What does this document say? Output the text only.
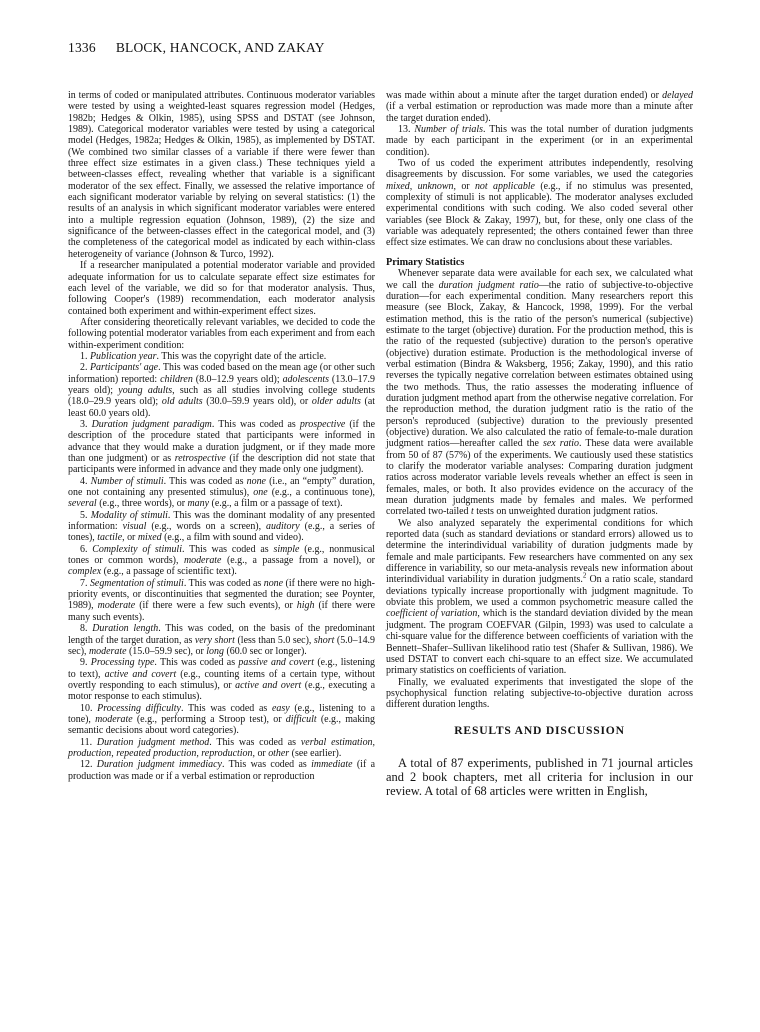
1336 BLOCK, HANCOCK, AND ZAKAY

in terms of coded or manipulated attributes. Continuous moderator variables were tested by using a weighted-least squares regression model (Hedges, 1982b; Hedges & Olkin, 1985), using SPSS and DSTAT (see Johnson, 1989). Categorical moderator variables were tested by using a categorical model (Hedges, 1982a; Hedges & Olkin, 1985), as implemented by DSTAT. (We combined two similar classes of a variable if there were fewer than three effect size estimates in a given class.) These techniques yield a between-classes effect, revealing whether that variable is a significant moderator of the sex effect. Finally, we assessed the relative importance of each significant moderator variable by relying on several statistics: (1) the results of an analysis in which significant moderator variables were entered into a multiple regression equation (Johnson, 1989), (2) the size and significance of the between-classes effect in the categorical model, and (3) the completeness of the categorical model as indicated by each within-class heterogeneity of variance (Johnson & Turco, 1992).

If a researcher manipulated a potential moderator variable and provided adequate information for us to calculate separate effect size estimates for each level of the variable, we did so for that moderator analysis. Thus, following Cooper's (1989) recommendation, each moderator analysis contained both experiment and within-experiment effect sizes.

After considering theoretically relevant variables, we decided to code the following potential moderator variables from each experiment and from each within-experiment condition:

1. Publication year. This was the copyright date of the article.

2. Participants' age. This was coded based on the mean age (or other such information) reported: children (8.0–12.9 years old); adolescents (13.0–17.9 years old); young adults, such as all studies involving college students (18.0–29.9 years old); old adults (30.0–59.9 years old), or older adults (at least 60.0 years old).

3. Duration judgment paradigm. This was coded as prospective (if the description of the procedure stated that participants were informed in advance that they would make a duration judgment, or if they made more than one judgment) or as retrospective (if the description did not state that participants were informed in advance and they made only one judgment).

4. Number of stimuli. This was coded as none (i.e., an “empty” duration, one not containing any presented stimulus), one (e.g., a continuous tone), several (e.g., three words), or many (e.g., a film or a passage of text).

5. Modality of stimuli. This was the dominant modality of any presented information: visual (e.g., words on a screen), auditory (e.g., a series of tones), tactile, or mixed (e.g., a film with sound and video).

6. Complexity of stimuli. This was coded as simple (e.g., nonmusical tones or common words), moderate (e.g., a passage from a novel), or complex (e.g., a passage of scientific text).

7. Segmentation of stimuli. This was coded as none (if there were no high-priority events, or discontinuities that segmented the duration; see Poynter, 1989), moderate (if there were a few such events), or high (if there were many such events).

8. Duration length. This was coded, on the basis of the predominant length of the target duration, as very short (less than 5.0 sec), short (5.0–14.9 sec), moderate (15.0–59.9 sec), or long (60.0 sec or longer).

9. Processing type. This was coded as passive and covert (e.g., listening to text), active and covert (e.g., counting items of a certain type, without overtly responding to each stimulus), or active and overt (e.g., executing a motor response to each stimulus).

10. Processing difficulty. This was coded as easy (e.g., listening to a tone), moderate (e.g., performing a Stroop test), or difficult (e.g., making semantic decisions about word categories).

11. Duration judgment method. This was coded as verbal estimation, production, repeated production, reproduction, or other (see earlier).

12. Duration judgment immediacy. This was coded as immediate (if a production was made or if a verbal estimation or reproduction

was made within about a minute after the target duration ended) or delayed (if a verbal estimation or reproduction was made more than a minute after the target duration ended).

13. Number of trials. This was the total number of duration judgments made by each participant in the experiment (or in an experimental condition).

Two of us coded the experiment attributes independently, resolving disagreements by discussion. For some variables, we used the categories mixed, unknown, or not applicable (e.g., if no stimulus was presented, complexity of stimuli is not applicable). The moderator analyses excluded experimental conditions with such coding. We also coded several other variables (see Block & Zakay, 1997), but, for these, only one class of the variable was adequately represented; the others contained fewer than three effect size estimates. We can draw no conclusions about these variables.

Primary Statistics

Whenever separate data were available for each sex, we calculated what we call the duration judgment ratio—the ratio of subjective-to-objective duration—for each experimental condition. Many researchers report this measure (see Block, Zakay, & Hancock, 1998, 1999). For the verbal estimation method, this is the ratio of the person's numerical (subjective) estimate to the target (objective) duration. For the production method, this is the ratio of the requested (subjective) duration to the person's operative (objective) duration estimate. Production is the methodological inverse of verbal estimation (Bindra & Waksberg, 1956; Zakay, 1990), and this ratio reverses the typically negative correlation between estimates obtained using the two methods. Thus, the ratio assesses the moderating influence of duration judgment method apart from the otherwise negative correlation. For the reproduction method, the duration judgment ratio is the ratio of the person's reproduced (subjective) duration to the previously presented (objective) duration. We also calculated the ratio of female-to-male duration judgment ratios—hereafter called the sex ratio. These data were available from 50 of 87 (57%) of the experiments. We cautiously used these statistics to clarify the moderator variable analyses: Comparing duration judgment ratios across moderator variable levels reveals whether an effect is seen in females, males, or both. It also provides evidence on the accuracy of the mean duration judgments made by females and males. We performed correlated two-tailed t tests on unweighted duration judgment ratios.

We also analyzed separately the experimental conditions for which reported data (such as standard deviations or standard errors) allowed us to determine the interindividual variability of duration judgments made by female and male participants. Few researchers have commented on any sex difference in variability, so our meta-analysis reveals new information about interindividual variability in duration judgments.$^2$ On a ratio scale, standard deviations typically increase proportionally with judgment magnitude. To obviate this problem, we used a common psychometric measure called the coefficient of variation, which is the standard deviation divided by the mean judgment. The program COEFVAR (Gilpin, 1993) was used to calculate a chi-square value for the difference between coefficients of variation with the Bennett–Shafer–Sullivan likelihood ratio test (Shafer & Sullivan, 1986). We used DSTAT to convert each chi-square to an effect size. We accumulated primary statistics on coefficients of variation.

Finally, we evaluated experiments that investigated the slope of the psychophysical function relating subjective-to-objective duration across different duration lengths.

RESULTS AND DISCUSSION

A total of 87 experiments, published in 71 journal articles and 2 book chapters, met all criteria for inclusion in our review. A total of 68 articles were written in English,
